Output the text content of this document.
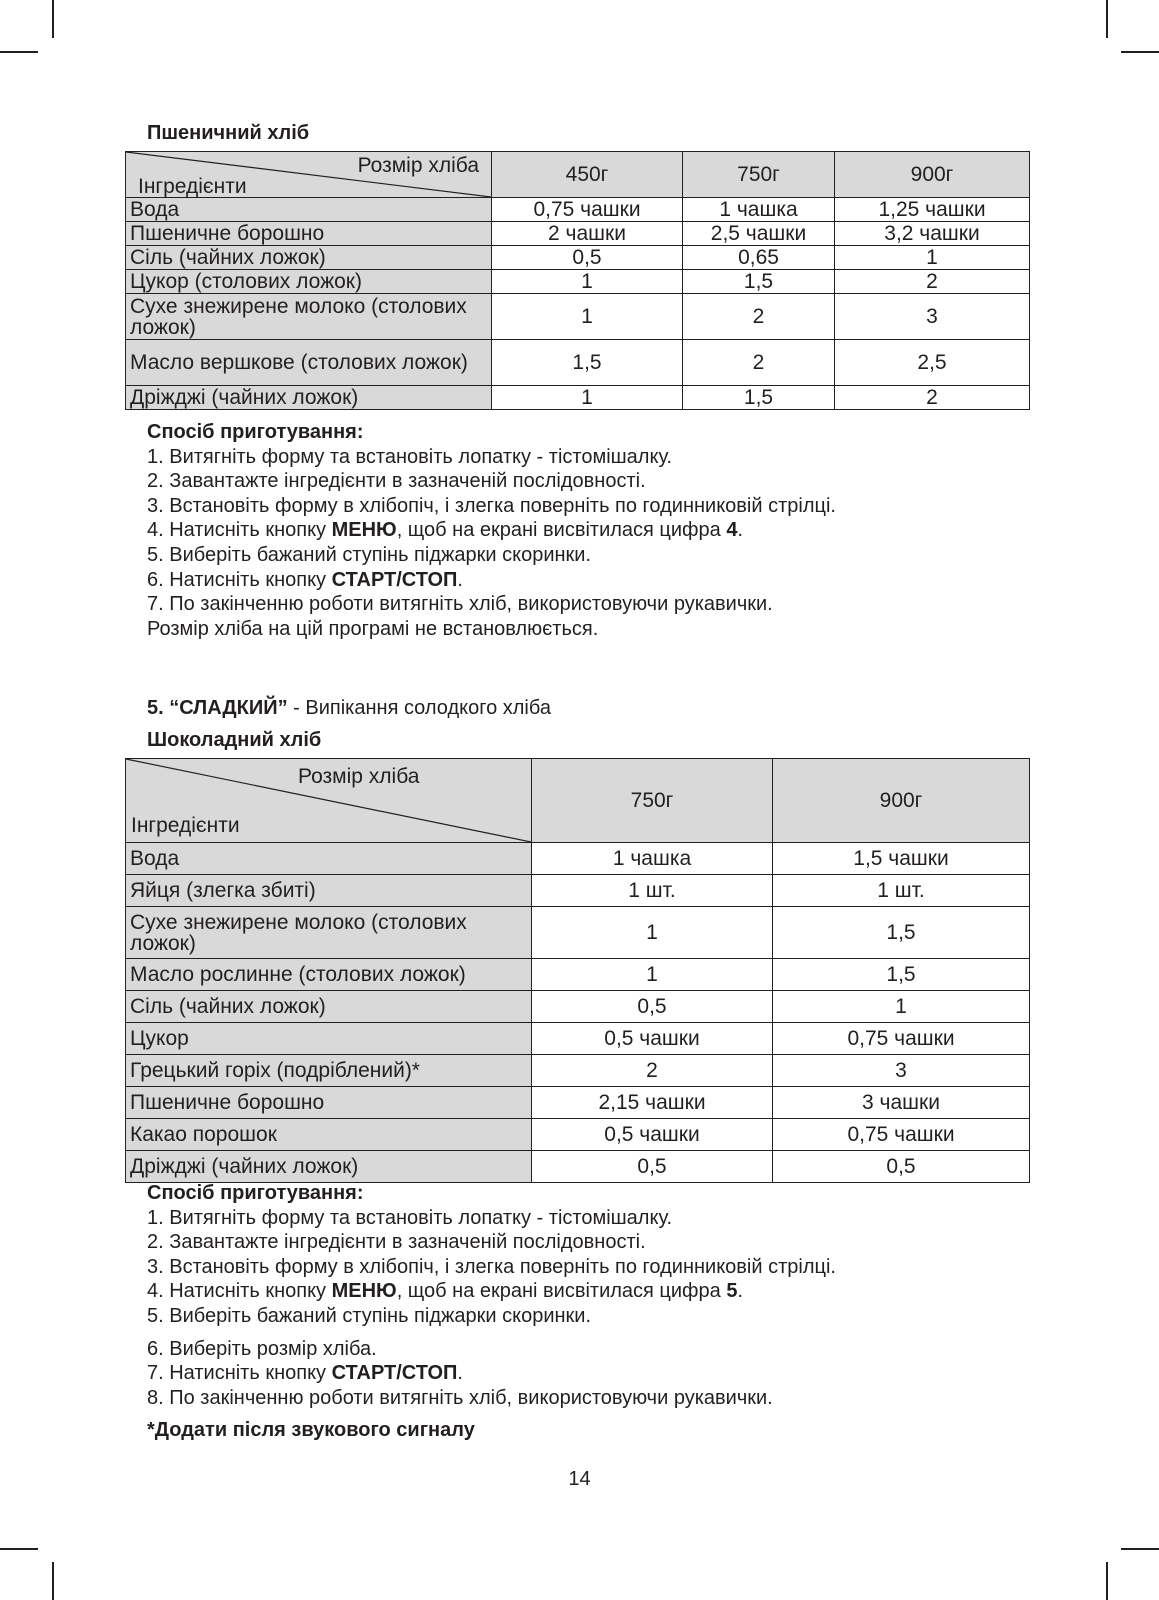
Пшеничний хліб
Розмір хліба
Інгредієнти	450г	750г	900г
Вода	0,75 чашки	1 чашка	1,25 чашки
Пшеничне борошно	2 чашки	2,5 чашки	3,2 чашки
Сіль (чайних ложок)	0,5	0,65	1
Цукор (столових ложок)	1	1,5	2
Сухе знежирене молоко (столових ложок)	1	2	3
Масло вершкове (столових ложок)	1,5	2	2,5
Дріжджі (чайних ложок)	1	1,5	2
Спосіб приготування:
1. Витягніть форму та встановіть лопатку - тістомішалку.
2. Завантажте інгредієнти в зазначеній послідовності.
3. Встановіть форму в хлібопіч, і злегка поверніть по годинниковій стрілці.
4. Натисніть кнопку МЕНЮ, щоб на екрані висвітилася цифра 4.
5. Виберіть бажаний ступінь піджарки скоринки.
6. Натисніть кнопку СТАРТ/СТОП.
7. По закінченню роботи витягніть хліб, використовуючи рукавички.
Розмір хліба на цій програмі не встановлюється.
5. “СЛАДКИЙ” - Випікання солодкого хліба
Шоколадний хліб
Розмір хліба
Інгредієнти	750г	900г
Вода	1 чашка	1,5 чашки
Яйця (злегка збиті)	1 шт.	1 шт.
Сухе знежирене молоко (столових ложок)	1	1,5
Масло рослинне (столових ложок)	1	1,5
Сіль (чайних ложок)	0,5	1
Цукор	0,5 чашки	0,75 чашки
Грецький горіх (подріблений)*	2	3
Пшеничне борошно	2,15 чашки	3 чашки
Какао порошок	0,5 чашки	0,75 чашки
Дріжджі (чайних ложок)	0,5	0,5
Спосіб приготування:
1. Витягніть форму та встановіть лопатку - тістомішалку.
2. Завантажте інгредієнти в зазначеній послідовності.
3. Встановіть форму в хлібопіч, і злегка поверніть по годинниковій стрілці.
4. Натисніть кнопку МЕНЮ, щоб на екрані висвітилася цифра 5.
5. Виберіть бажаний ступінь піджарки скоринки.
6. Виберіть розмір хліба.
7. Натисніть кнопку СТАРТ/СТОП.
8. По закінченню роботи витягніть хліб, використовуючи рукавички.
*Додати після звукового сигналу
14
